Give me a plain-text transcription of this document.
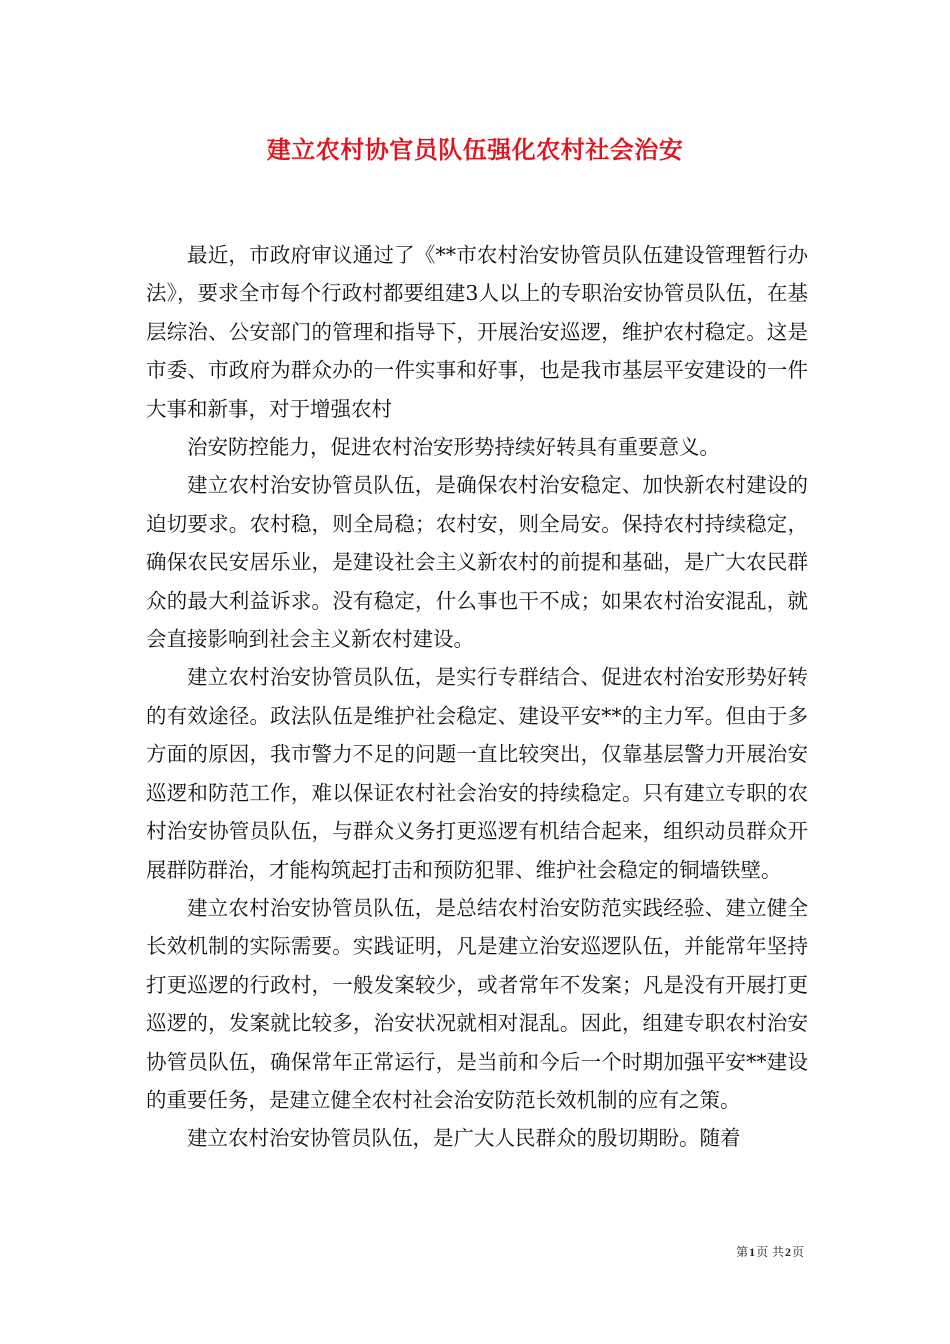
建立农村协官员队伍强化农村社会治安

最近，市政府审议通过了《**市农村治安协管员队伍建设管理暂行办法》，要求全市每个行政村都要组建3人以上的专职治安协管员队伍，在基层综治、公安部门的管理和指导下，开展治安巡逻，维护农村稳定。这是市委、市政府为群众办的一件实事和好事，也是我市基层平安建设的一件大事和新事，对于增强农村

治安防控能力，促进农村治安形势持续好转具有重要意义。

建立农村治安协管员队伍，是确保农村治安稳定、加快新农村建设的迫切要求。农村稳，则全局稳；农村安，则全局安。保持农村持续稳定，确保农民安居乐业，是建设社会主义新农村的前提和基础，是广大农民群众的最大利益诉求。没有稳定，什么事也干不成；如果农村治安混乱，就会直接影响到社会主义新农村建设。

建立农村治安协管员队伍，是实行专群结合、促进农村治安形势好转的有效途径。政法队伍是维护社会稳定、建设平安**的主力军。但由于多方面的原因，我市警力不足的问题一直比较突出，仅靠基层警力开展治安巡逻和防范工作，难以保证农村社会治安的持续稳定。只有建立专职的农村治安协管员队伍，与群众义务打更巡逻有机结合起来，组织动员群众开展群防群治，才能构筑起打击和预防犯罪、维护社会稳定的铜墙铁壁。

建立农村治安协管员队伍，是总结农村治安防范实践经验、建立健全长效机制的实际需要。实践证明，凡是建立治安巡逻队伍，并能常年坚持打更巡逻的行政村，一般发案较少，或者常年不发案；凡是没有开展打更巡逻的，发案就比较多，治安状况就相对混乱。因此，组建专职农村治安协管员队伍，确保常年正常运行，是当前和今后一个时期加强平安**建设的重要任务，是建立健全农村社会治安防范长效机制的应有之策。

建立农村治安协管员队伍，是广大人民群众的殷切期盼。随着

第1页 共2页
